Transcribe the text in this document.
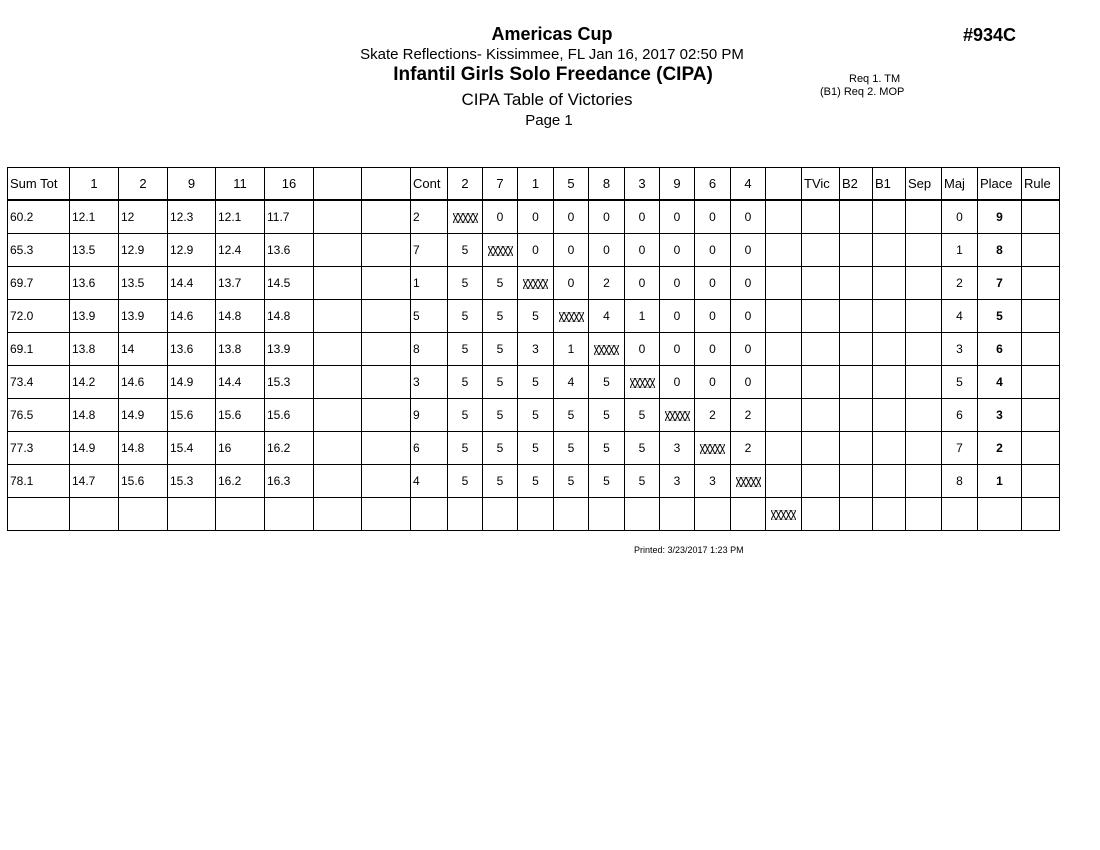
Americas Cup
Skate Reflections- Kissimmee, FL Jan 16, 2017 02:50 PM
Infantil Girls Solo Freedance (CIPA)
CIPA Table of Victories
Page 1
#934C
Req 1. TM
(B1) Req 2. MOP
Sum Tot	1	2	9	11	16			Cont	2	7	1	5	8	3	9	6	4		TVic	B2	B1	Sep	Maj	Place	Rule
60.2	12.1	12	12.3	12.1	11.7			2		0	0	0	0	0	0	0	0						0	9	
65.3	13.5	12.9	12.9	12.4	13.6			7	5		0	0	0	0	0	0	0						1	8	
69.7	13.6	13.5	14.4	13.7	14.5			1	5	5		0	2	0	0	0	0						2	7	
72.0	13.9	13.9	14.6	14.8	14.8			5	5	5	5		4	1	0	0	0						4	5	
69.1	13.8	14	13.6	13.8	13.9			8	5	5	3	1		0	0	0	0						3	6	
73.4	14.2	14.6	14.9	14.4	15.3			3	5	5	5	4	5		0	0	0						5	4	
76.5	14.8	14.9	15.6	15.6	15.6			9	5	5	5	5	5	5		2	2						6	3	
77.3	14.9	14.8	15.4	16	16.2			6	5	5	5	5	5	5	3		2						7	2	
78.1	14.7	15.6	15.3	16.2	16.3			4	5	5	5	5	5	5	3	3							8	1	

Printed: 3/23/2017 1:23 PM
